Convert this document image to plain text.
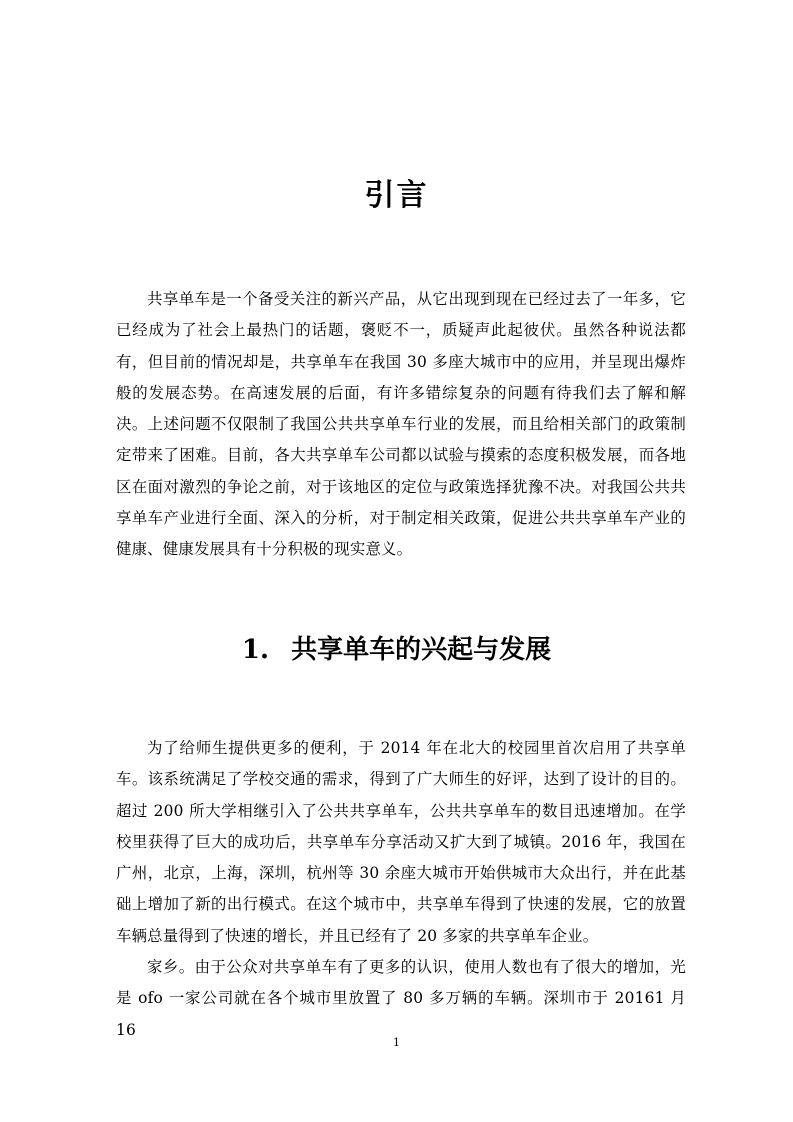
引言

共享单车是一个备受关注的新兴产品，从它出现到现在已经过去了一年多，它已经成为了社会上最热门的话题，褒贬不一，质疑声此起彼伏。虽然各种说法都有，但目前的情况却是，共享单车在我国 30 多座大城市中的应用，并呈现出爆炸般的发展态势。在高速发展的后面，有许多错综复杂的问题有待我们去了解和解决。上述问题不仅限制了我国公共共享单车行业的发展，而且给相关部门的政策制定带来了困难。目前，各大共享单车公司都以试验与摸索的态度积极发展，而各地区在面对激烈的争论之前，对于该地区的定位与政策选择犹豫不决。对我国公共共享单车产业进行全面、深入的分析，对于制定相关政策，促进公共共享单车产业的健康、健康发展具有十分积极的现实意义。

1. 共享单车的兴起与发展

为了给师生提供更多的便利，于 2014 年在北大的校园里首次启用了共享单车。该系统满足了学校交通的需求，得到了广大师生的好评，达到了设计的目的。超过 200 所大学相继引入了公共共享单车，公共共享单车的数目迅速增加。在学校里获得了巨大的成功后，共享单车分享活动又扩大到了城镇。2016 年，我国在广州，北京，上海，深圳，杭州等 30 余座大城市开始供城市大众出行，并在此基础上增加了新的出行模式。在这个城市中，共享单车得到了快速的发展，它的放置车辆总量得到了快速的增长，并且已经有了 20 多家的共享单车企业。

家乡。由于公众对共享单车有了更多的认识，使用人数也有了很大的增加，光是 ofo 一家公司就在各个城市里放置了 80 多万辆的车辆。深圳市于 20161 月 16

1
